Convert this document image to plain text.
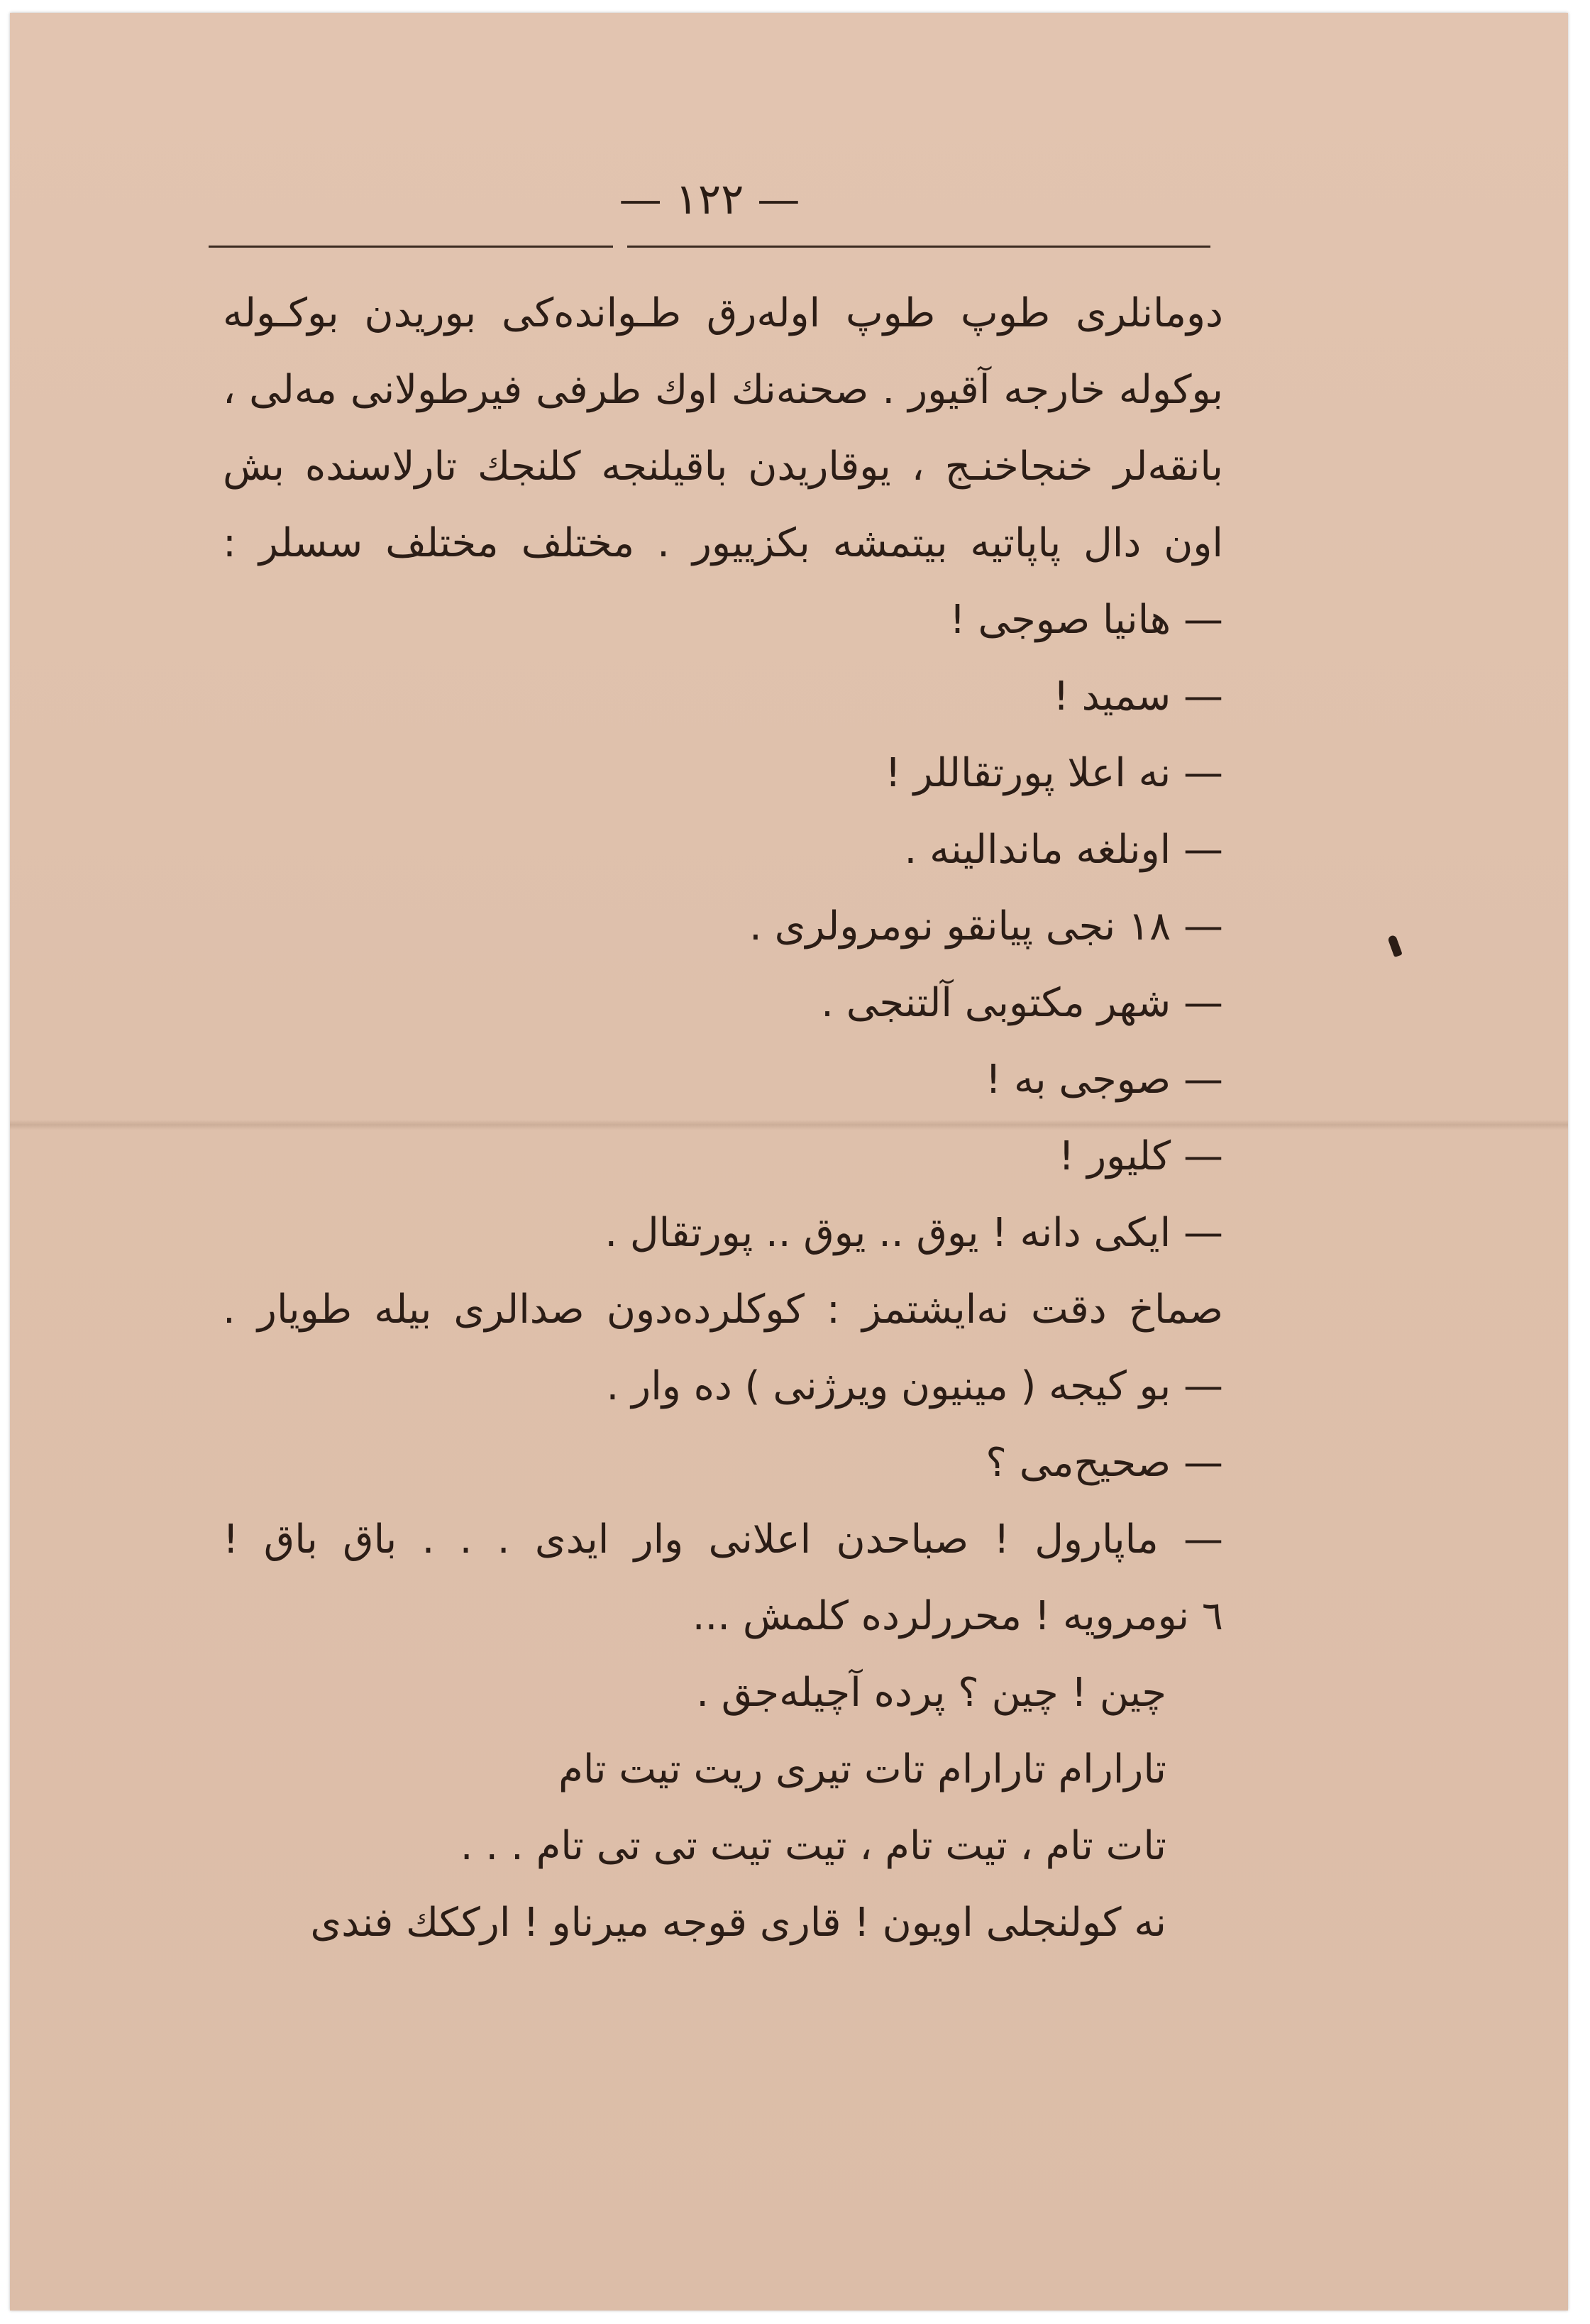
— ١٢٢ —
دومانلری طوپ طوپ اوله‌رق طـوانده‌کی بوریدن بوکـوله
بوکوله خارجه آقیور . صحنه‌نك اوك طرفی فیرطولانی مه‌لی ،
بانقه‌لر خنجاخنـج ، یوقاریدن باقیلنجه کلنجك تارلاسنده بش
اون دال پاپاتیه بیتمشه بکزییور . مختلف مختلف سسلر :
— هانیا صوجی !
— سمید !
— نه اعلا پورتقاللر !
— اونلغه ماندالینه .
— ١٨ نجی پیانقو نومرولری .
— شهر مکتوبی آلتنجی .
— صوجی به !
— کلیور !
— ایکی دانه ! یوق .. یوق .. پورتقال .
صماخ دقت نه‌ایشتمز : کوکلرده‌دون صدالری بیله طویار .
— بو کیجه ( مینیون ویرژنی ) ده وار .
— صحیح‌می ؟
— ماپارول ! صباحدن اعلانی وار ایدی . . . باق باق !
٦ نومرویه ! محررلرده کلمش ...
چین ! چین ؟ پرده آچیله‌جق .
تارارام تارارام تات تیری ریت تیت تام
تات تام ، تیت تام ، تیت تیت تی تی تام . . .
نه کولنجلی اویون ! قاری قوجه میرناو ! ارککك فندی
